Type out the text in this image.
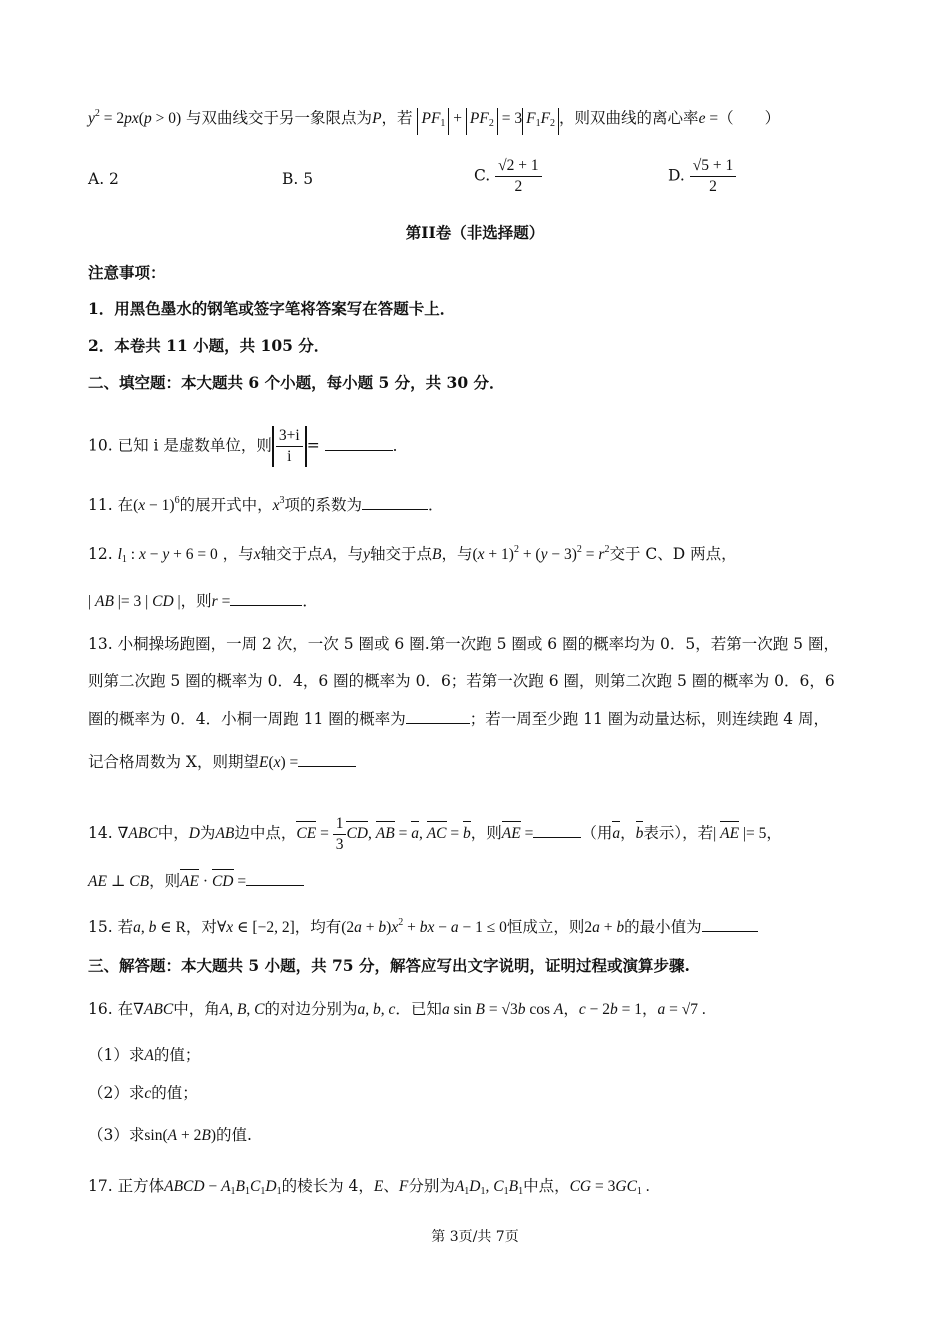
$y^2 = 2px(p > 0)$ 与双曲线交于另一象限点为P，若 $PF_1 + PF_2 = 3$ $F_1F_2$ ，则双曲线的离心率e =（　　）
A. 2	B. 5	C. $\frac{√2 + 1}{2}$	D. $\frac{√5 + 1}{2}$
第II卷（非选择题）
注意事项：
1．用黑色墨水的钢笔或签字笔将答案写在答题卡上．
2．本卷共 11 小题，共 105 分．
二、填空题：本大题共 6 个小题，每小题 5 分，共 30 分．
10. 已知 i 是虚数单位，则 $\frac{3+i}{i}$ =	．
11. 在$(x - 1)^6$的展开式中，$x^3$项的系数为	．
12. $l_1$ : x − y + 6 = 0 ，与x轴交于点A，与y轴交于点B，与$(x + 1)^2 + (y - 3)^2 = r^2$交于 C、D 两点，
| AB |= 3 | CD |，则r =	．
13. 小桐操场跑圈，一周 2 次，一次 5 圈或 6 圈.第一次跑 5 圈或 6 圈的概率均为 0．5，若第一次跑 5 圈，
则第二次跑 5 圈的概率为 0．4，6 圈的概率为 0．6；若第一次跑 6 圈，则第二次跑 5 圈的概率为 0．6，6
圈的概率为 0．4．小桐一周跑 11 圈的概率为	；若一周至少跑 11 圈为动量达标，则连续跑 4 周，
记合格周数为 X，则期望E(x) =
14. ∇ABC中，D为AB边中点，CE = $\frac{1}{3}$ CD, AB = a, AC = b，则AE =	（用a，b表示），若| AE |= 5，
AE ⊥ CB，则AE · CD =
15. 若a, b ∈ R，对∀x ∈ [−2, 2]，均有$(2a + b)x^2$ + bx − a − 1 ≤ 0恒成立，则2a + b的最小值为
三、解答题：本大题共 5 小题，共 75 分，解答应写出文字说明，证明过程或演算步骤.
16. 在∇ABC中，角A, B, C的对边分别为a, b, c．已知a sin B = √3b cos A，c − 2b = 1，a = √7 .
（1）求A的值；
（2）求c的值；
（3）求sin(A + 2B)的值.
17. 正方体ABCD − $A_1B_1C_1D_1$的棱长为 4，E、F分别为$A_1D_1$, $C_1B_1$中点，CG = $3GC_1$ .
第 3页/共 7页
